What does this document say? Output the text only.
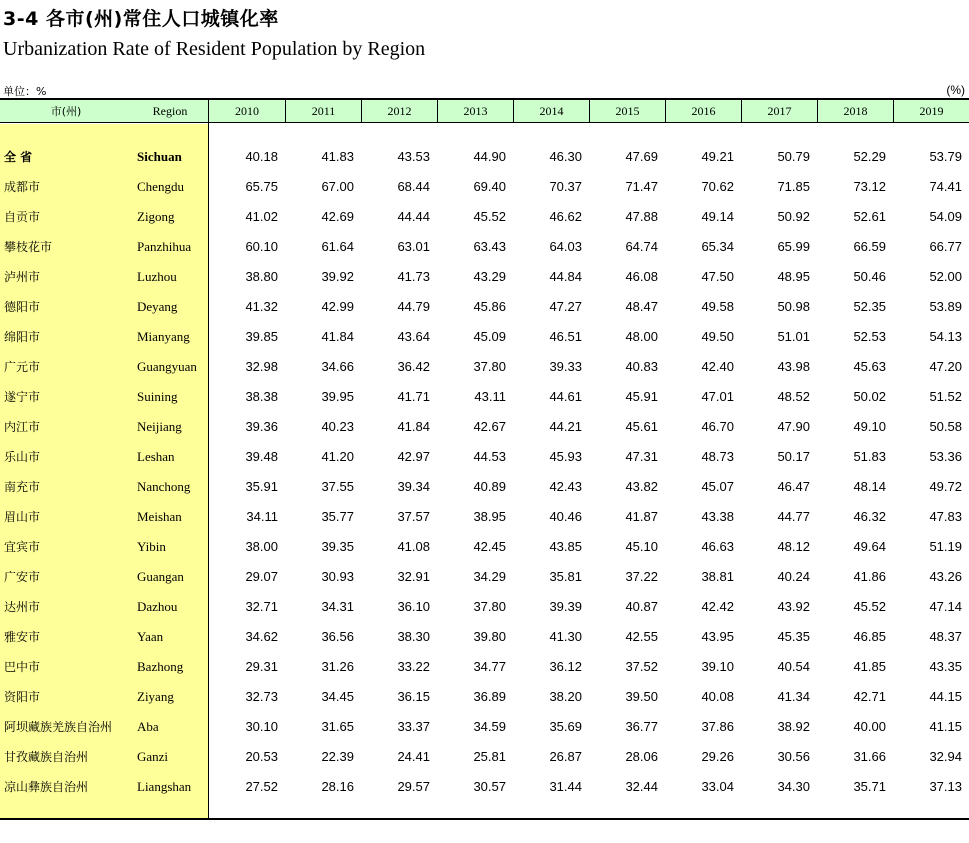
3-4 各市(州)常住人口城镇化率
Urbanization Rate of Resident Population by Region
单位：%	(%)
市(州)	Region	2010	2011	2012	2013	2014	2015	2016	2017	2018	2019
全 省	Sichuan	40.18	41.83	43.53	44.90	46.30	47.69	49.21	50.79	52.29	53.79
成都市	Chengdu	65.75	67.00	68.44	69.40	70.37	71.47	70.62	71.85	73.12	74.41
自贡市	Zigong	41.02	42.69	44.44	45.52	46.62	47.88	49.14	50.92	52.61	54.09
攀枝花市	Panzhihua	60.10	61.64	63.01	63.43	64.03	64.74	65.34	65.99	66.59	66.77
泸州市	Luzhou	38.80	39.92	41.73	43.29	44.84	46.08	47.50	48.95	50.46	52.00
德阳市	Deyang	41.32	42.99	44.79	45.86	47.27	48.47	49.58	50.98	52.35	53.89
绵阳市	Mianyang	39.85	41.84	43.64	45.09	46.51	48.00	49.50	51.01	52.53	54.13
广元市	Guangyuan	32.98	34.66	36.42	37.80	39.33	40.83	42.40	43.98	45.63	47.20
遂宁市	Suining	38.38	39.95	41.71	43.11	44.61	45.91	47.01	48.52	50.02	51.52
内江市	Neijiang	39.36	40.23	41.84	42.67	44.21	45.61	46.70	47.90	49.10	50.58
乐山市	Leshan	39.48	41.20	42.97	44.53	45.93	47.31	48.73	50.17	51.83	53.36
南充市	Nanchong	35.91	37.55	39.34	40.89	42.43	43.82	45.07	46.47	48.14	49.72
眉山市	Meishan	34.11	35.77	37.57	38.95	40.46	41.87	43.38	44.77	46.32	47.83
宜宾市	Yibin	38.00	39.35	41.08	42.45	43.85	45.10	46.63	48.12	49.64	51.19
广安市	Guangan	29.07	30.93	32.91	34.29	35.81	37.22	38.81	40.24	41.86	43.26
达州市	Dazhou	32.71	34.31	36.10	37.80	39.39	40.87	42.42	43.92	45.52	47.14
雅安市	Yaan	34.62	36.56	38.30	39.80	41.30	42.55	43.95	45.35	46.85	48.37
巴中市	Bazhong	29.31	31.26	33.22	34.77	36.12	37.52	39.10	40.54	41.85	43.35
资阳市	Ziyang	32.73	34.45	36.15	36.89	38.20	39.50	40.08	41.34	42.71	44.15
阿坝藏族羌族自治州 Aba	30.10	31.65	33.37	34.59	35.69	36.77	37.86	38.92	40.00	41.15
甘孜藏族自治州	Ganzi	20.53	22.39	24.41	25.81	26.87	28.06	29.26	30.56	31.66	32.94
凉山彝族自治州	Liangshan	27.52	28.16	29.57	30.57	31.44	32.44	33.04	34.30	35.71	37.13
